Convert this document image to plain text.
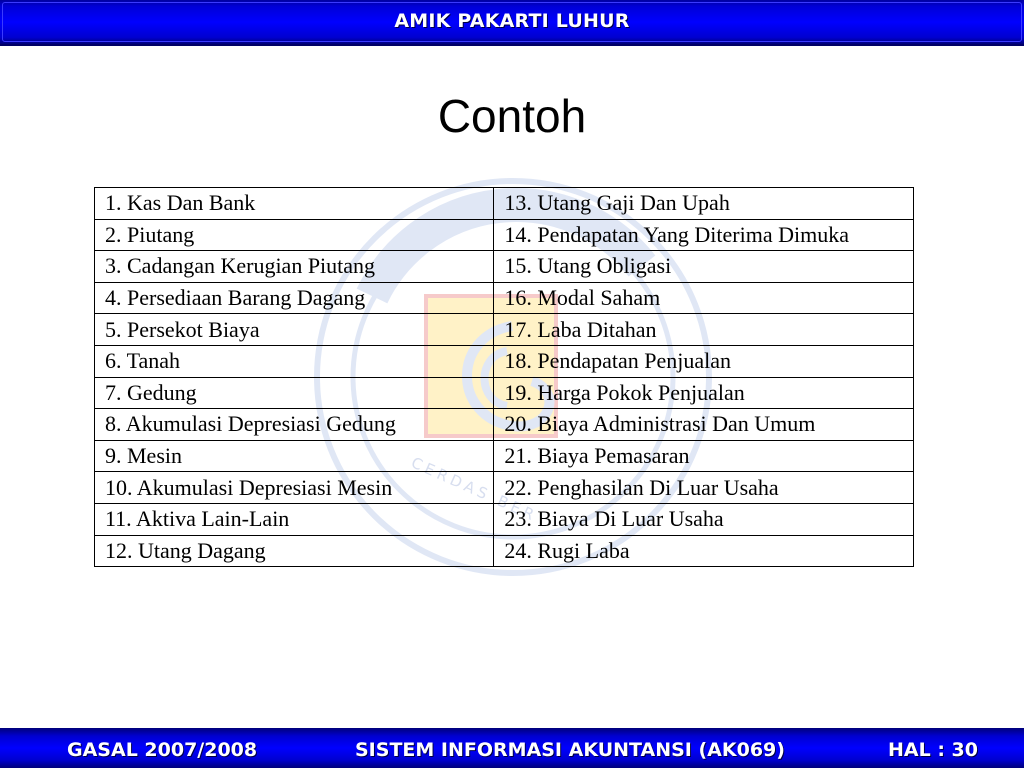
AMIK PAKARTI LUHUR
Contoh
CERDAS BER
1. Kas Dan Bank	13. Utang Gaji Dan Upah
2. Piutang	14. Pendapatan Yang Diterima Dimuka
3. Cadangan Kerugian Piutang	15. Utang Obligasi
4. Persediaan Barang Dagang	16. Modal Saham
5. Persekot Biaya	17. Laba Ditahan
6. Tanah	18. Pendapatan Penjualan
7. Gedung	19. Harga Pokok Penjualan
8. Akumulasi Depresiasi Gedung	20. Biaya Administrasi Dan Umum
9. Mesin	21. Biaya Pemasaran
10. Akumulasi Depresiasi Mesin	22. Penghasilan Di Luar Usaha
11. Aktiva Lain-Lain	23. Biaya Di Luar Usaha
12. Utang Dagang	24. Rugi Laba
GASAL 2007/2008	SISTEM INFORMASI AKUNTANSI (AK069)	HAL : 30
